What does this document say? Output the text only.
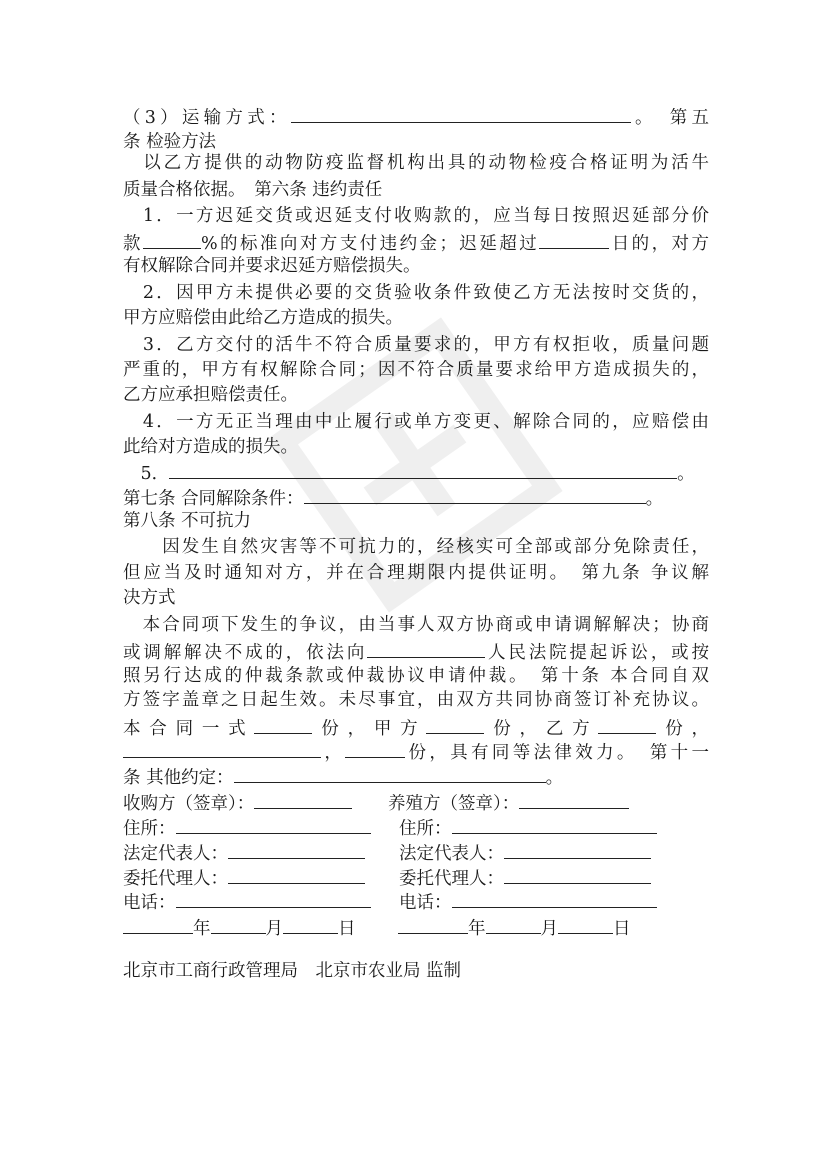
（3）运输方式：	。　第五
条 检验方法
　以乙方提供的动物防疫监督机构出具的动物检疫合格证明为活牛
质量合格依据。　第六条 违约责任
　1．一方迟延交货或迟延支付收购款的，应当每日按照迟延部分价
款	%的标准向对方支付违约金；迟延超过	日的，对方
有权解除合同并要求迟延方赔偿损失。
　2．因甲方未提供必要的交货验收条件致使乙方无法按时交货的，
甲方应赔偿由此给乙方造成的损失。
　3．乙方交付的活牛不符合质量要求的，甲方有权拒收，质量问题
严重的，甲方有权解除合同；因不符合质量要求给甲方造成损失的，
乙方应承担赔偿责任。
　4．一方无正当理由中止履行或单方变更、解除合同的，应赔偿由
此给对方造成的损失。
　5．	。
第七条 合同解除条件：	。
第八条 不可抗力
　　因发生自然灾害等不可抗力的，经核实可全部或部分免除责任，
但应当及时通知对方，并在合理期限内提供证明。　第九条 争议解
决方式
　本合同项下发生的争议，由当事人双方协商或申请调解解决；协商
或调解解决不成的，依法向	人民法院提起诉讼，或按
照另行达成的仲裁条款或仲裁协议申请仲裁。　第十条 本合同自双
方签字盖章之日起生效。未尽事宜，由双方共同协商签订补充协议。
本合同一式	份，甲方	份，乙方	份，
，	份，具有同等法律效力。　第十一
条 其他约定：	。
收购方（签章）：	养殖方（签章）：
住所：	住所：
法定代表人：	法定代表人：
委托代理人：	委托代理人：
电话：	电话：
年	月	日	年	月	日
北京市工商行政管理局　北京市农业局 监制
